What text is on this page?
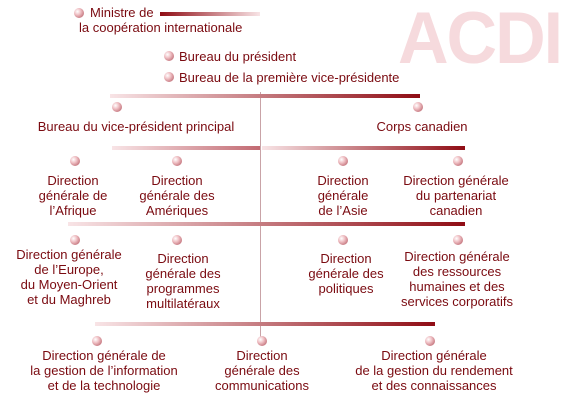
ACDI
Ministre de
la coopération internationale
Bureau du président
Bureau de la première vice-présidente
Bureau du vice-président principal	Corps canadien
Direction
générale de
l’Afrique
Direction
générale des
Amériques
Direction
générale
de l’Asie
Direction générale
du partenariat
canadien
Direction générale
de l’Europe,
du Moyen-Orient
et du Maghreb
Direction
générale des
programmes
multilatéraux
Direction
générale des
politiques
Direction générale
des ressources
humaines et des
services corporatifs
Direction générale de
la gestion de l’information
et de la technologie
Direction
générale des
communications
Direction générale
de la gestion du rendement
et des connaissances
